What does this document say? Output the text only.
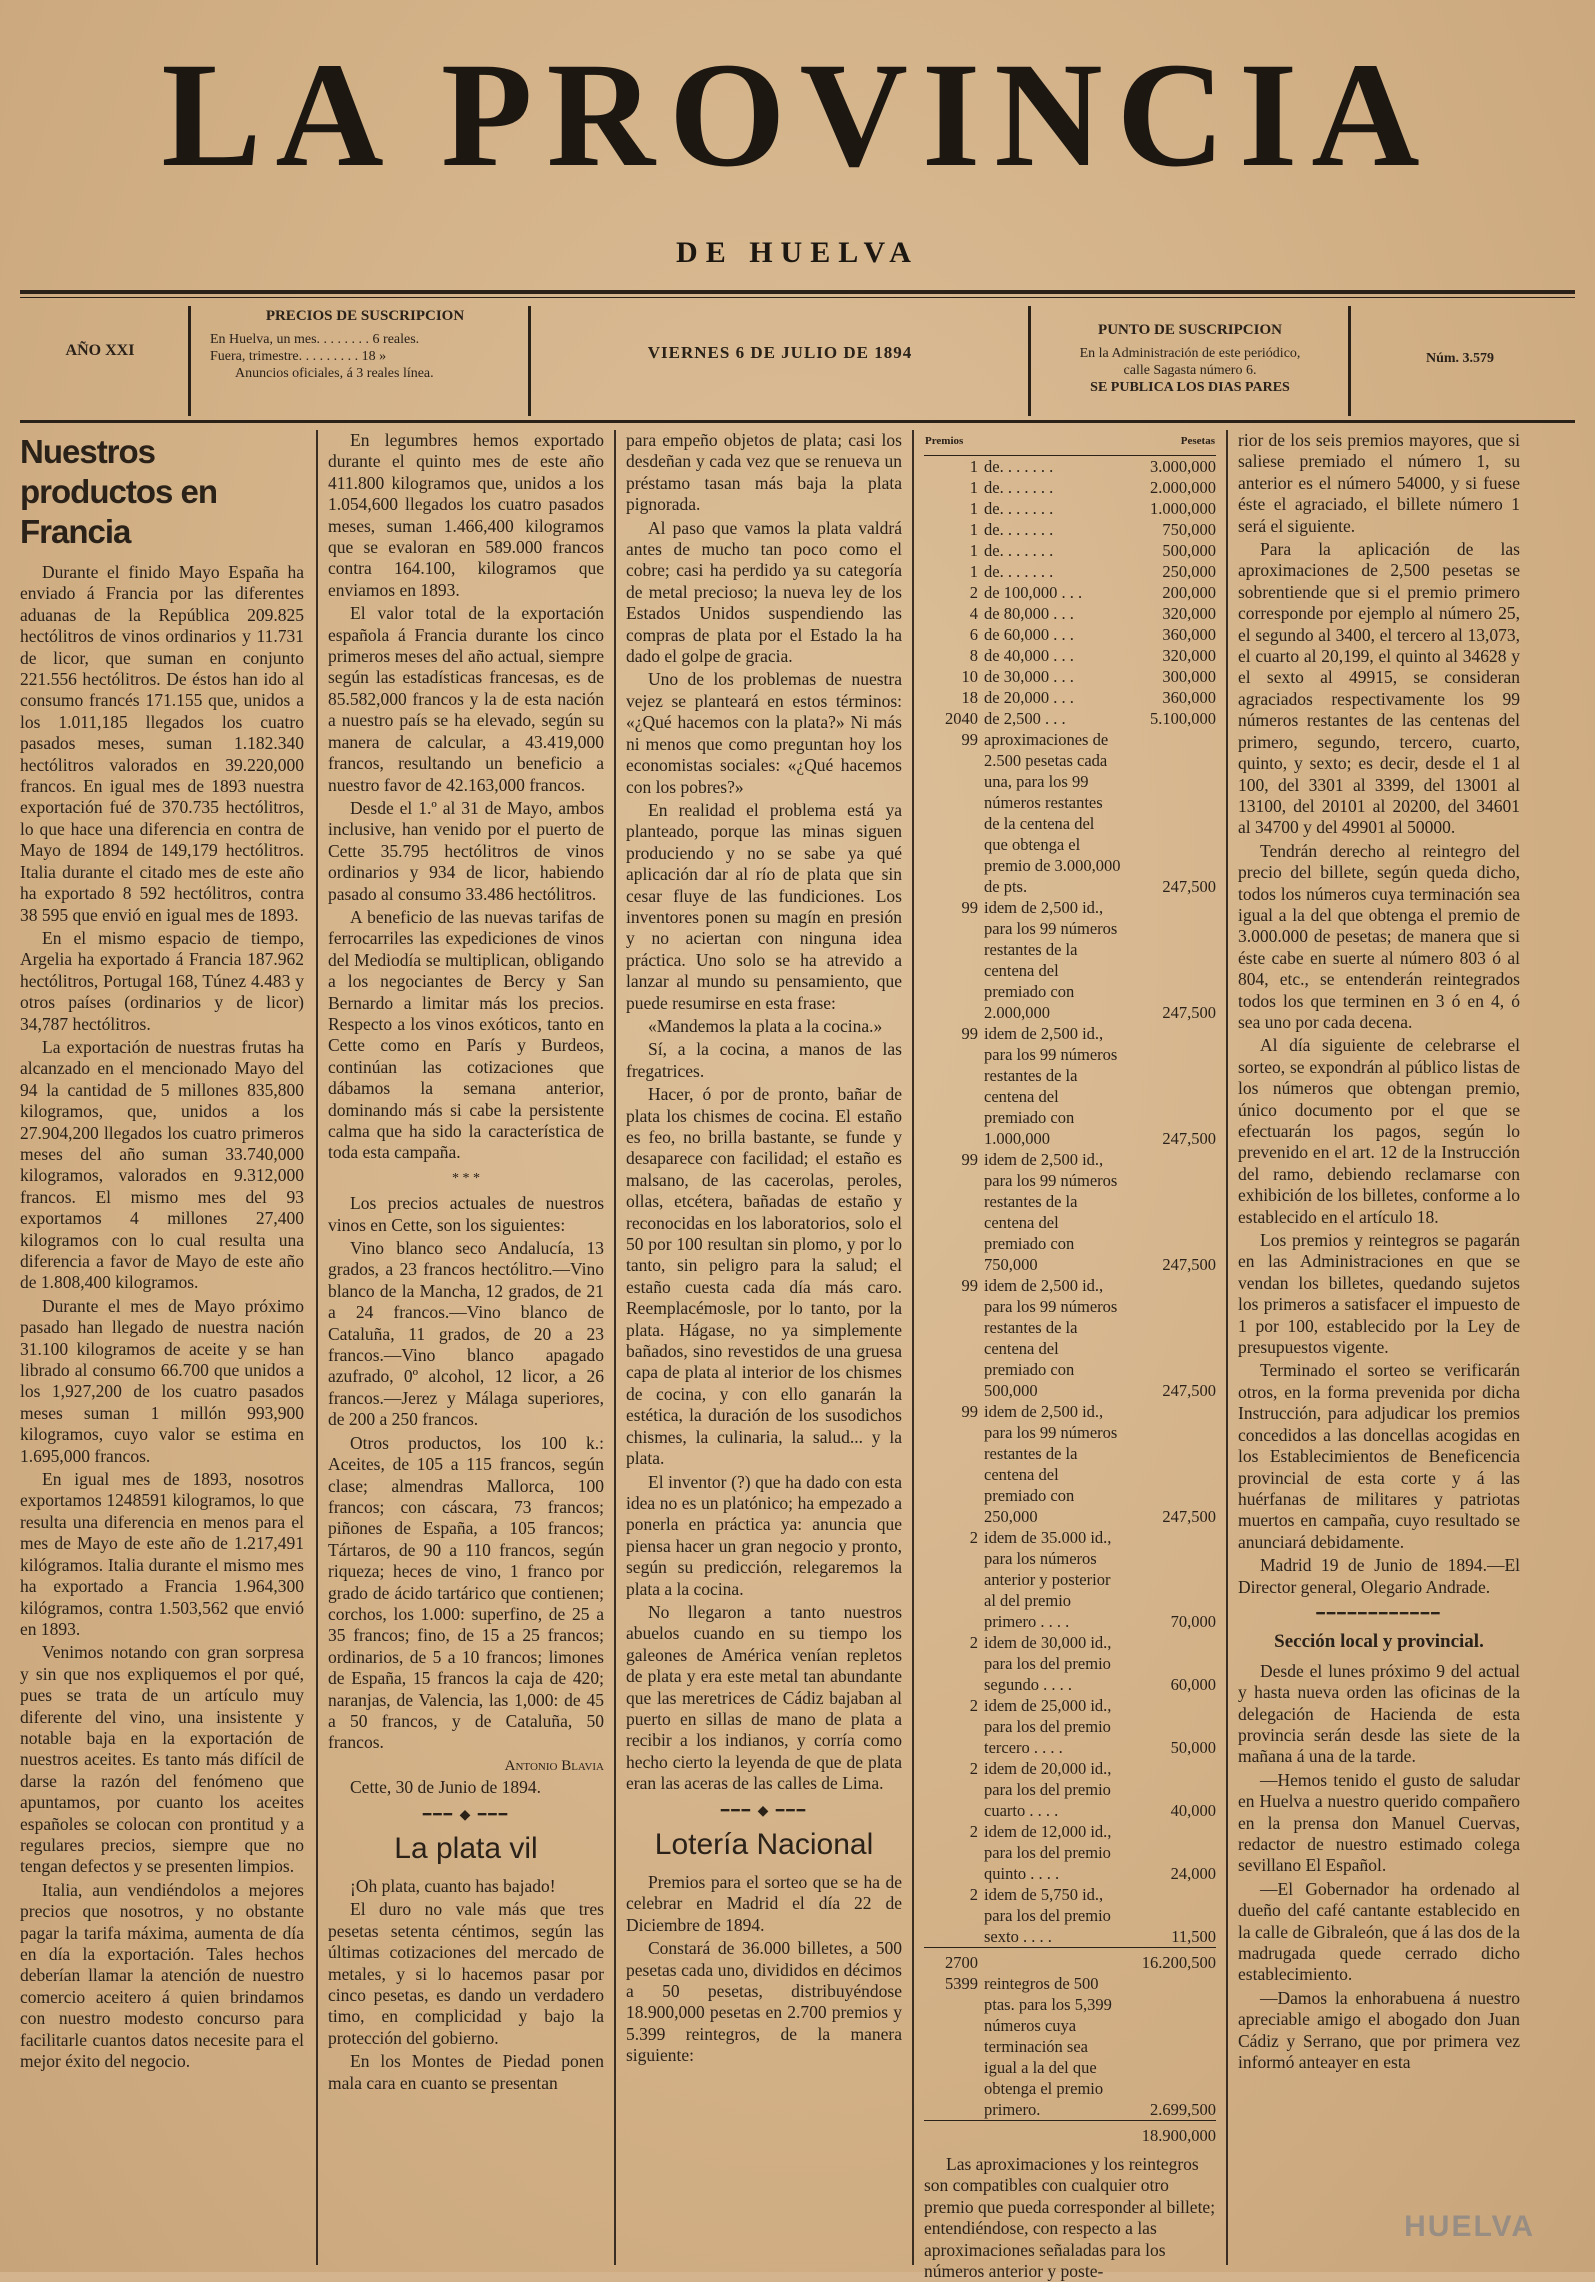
LA PROVINCIA
DE HUELVA
AÑO XXI
PRECIOS DE SUSCRIPCION
En Huelva, un mes. . . . . . . . 6 reales.
Fuera, trimestre. . . . . . . . . 18 »
Anuncios oficiales, á 3 reales línea.
VIERNES 6 DE JULIO DE 1894
PUNTO DE SUSCRIPCION
En la Administración de este periódico,
calle Sagasta número 6.
SE PUBLICA LOS DIAS PARES
Núm. 3.579
Nuestros productos en Francia

Durante el finido Mayo España ha enviado á Francia por las diferentes aduanas de la República 209.825 hectólitros de vinos ordinarios y 11.731 de licor, que suman en conjunto 221.556 hectólitros. De éstos han ido al consumo francés 171.155 que, unidos a los 1.011,185 llegados los cuatro pasados meses, suman 1.182.340 hectólitros valorados en 39.220,000 francos. En igual mes de 1893 nuestra exportación fué de 370.735 hectólitros, lo que hace una diferencia en contra de Mayo de 1894 de 149,179 hectólitros. Italia durante el citado mes de este año ha exportado 8 592 hectólitros, contra 38 595 que envió en igual mes de 1893.

En el mismo espacio de tiempo, Argelia ha exportado á Francia 187.962 hectólitros, Portugal 168, Túnez 4.483 y otros países (ordinarios y de licor) 34,787 hectólitros.

La exportación de nuestras frutas ha alcanzado en el mencionado Mayo del 94 la cantidad de 5 millones 835,800 kilogramos, que, unidos a los 27.904,200 llegados los cuatro primeros meses del año suman 33.740,000 kilogramos, valorados en 9.312,000 francos. El mismo mes del 93 exportamos 4 millones 27,400 kilogramos con lo cual resulta una diferencia a favor de Mayo de este año de 1.808,400 kilogramos.

Durante el mes de Mayo próximo pasado han llegado de nuestra nación 31.100 kilogramos de aceite y se han librado al consumo 66.700 que unidos a los 1,927,200 de los cuatro pasados meses suman 1 millón 993,900 kilogramos, cuyo valor se estima en 1.695,000 francos.

En igual mes de 1893, nosotros exportamos 1248591 kilogramos, lo que resulta una diferencia en menos para el mes de Mayo de este año de 1.217,491 kilógramos. Italia durante el mismo mes ha exportado a Francia 1.964,300 kilógramos, contra 1.503,562 que envió en 1893.

Venimos notando con gran sorpresa y sin que nos expliquemos el por qué, pues se trata de un artículo muy diferente del vino, una insistente y notable baja en la exportación de nuestros aceites. Es tanto más difícil de darse la razón del fenómeno que apuntamos, por cuanto los aceites españoles se colocan con prontitud y a regulares precios, siempre que no tengan defectos y se presenten limpios.

Italia, aun vendiéndolos a mejores precios que nosotros, y no obstante pagar la tarifa máxima, aumenta de día en día la exportación. Tales hechos deberían llamar la atención de nuestro comercio aceitero á quien brindamos con nuestro modesto concurso para facilitarle cuantos datos necesite para el mejor éxito del negocio.

En legumbres hemos exportado durante el quinto mes de este año 411.800 kilogramos que, unidos a los 1.054,600 llegados los cuatro pasados meses, suman 1.466,400 kilogramos que se evaloran en 589.000 francos contra 164.100, kilogramos que enviamos en 1893.

El valor total de la exportación española á Francia durante los cinco primeros meses del año actual, siempre según las estadísticas francesas, es de 85.582,000 francos y la de esta nación a nuestro país se ha elevado, según su manera de calcular, a 43.419,000 francos, resultando un beneficio a nuestro favor de 42.163,000 francos.

Desde el 1.º al 31 de Mayo, ambos inclusive, han venido por el puerto de Cette 35.795 hectólitros de vinos ordinarios y 934 de licor, habiendo pasado al consumo 33.486 hectólitros.

A beneficio de las nuevas tarifas de ferrocarriles las expediciones de vinos del Mediodía se multiplican, obligando a los negociantes de Bercy y San Bernardo a limitar más los precios. Respecto a los vinos exóticos, tanto en Cette como en París y Burdeos, continúan las cotizaciones que dábamos la semana anterior, dominando más si cabe la persistente calma que ha sido la característica de toda esta campaña.

* * *

Los precios actuales de nuestros vinos en Cette, son los siguientes:

Vino blanco seco Andalucía, 13 grados, a 23 francos hectólitro.—Vino blanco de la Mancha, 12 grados, de 21 a 24 francos.—Vino blanco de Cataluña, 11 grados, de 20 a 23 francos.—Vino blanco apagado azufrado, 0º alcohol, 12 licor, a 26 francos.—Jerez y Málaga superiores, de 200 a 250 francos.

Otros productos, los 100 k.: Aceites, de 105 a 115 francos, según clase; almendras Mallorca, 100 francos; con cáscara, 73 francos; piñones de España, a 105 francos; Tártaros, de 90 a 110 francos, según riqueza; heces de vino, 1 franco por grado de ácido tartárico que contienen; corchos, los 1.000: superfino, de 25 a 35 francos; fino, de 15 a 25 francos; ordinarios, de 5 a 10 francos; limones de España, 15 francos la caja de 420; naranjas, de Valencia, las 1,000: de 45 a 50 francos, y de Cataluña, 50 francos.

Antonio Blavia

Cette, 30 de Junio de 1894.

━━━ ◆ ━━━
La plata vil

¡Oh plata, cuanto has bajado!

El duro no vale más que tres pesetas setenta céntimos, según las últimas cotizaciones del mercado de metales, y si lo hacemos pasar por cinco pesetas, es dando un verdadero timo, en complicidad y bajo la protección del gobierno.

En los Montes de Piedad ponen mala cara en cuanto se presentan

para empeño objetos de plata; casi los desdeñan y cada vez que se renueva un préstamo tasan más baja la plata pignorada.

Al paso que vamos la plata valdrá antes de mucho tan poco como el cobre; casi ha perdido ya su categoría de metal precioso; la nueva ley de los Estados Unidos suspendiendo las compras de plata por el Estado la ha dado el golpe de gracia.

Uno de los problemas de nuestra vejez se planteará en estos términos: «¿Qué hacemos con la plata?» Ni más ni menos que como preguntan hoy los economistas sociales: «¿Qué hacemos con los pobres?»

En realidad el problema está ya planteado, porque las minas siguen produciendo y no se sabe ya qué aplicación dar al río de plata que sin cesar fluye de las fundiciones. Los inventores ponen su magín en presión y no aciertan con ninguna idea práctica. Uno solo se ha atrevido a lanzar al mundo su pensamiento, que puede resumirse en esta frase:

«Mandemos la plata a la cocina.»

Sí, a la cocina, a manos de las fregatrices.

Hacer, ó por de pronto, bañar de plata los chismes de cocina. El estaño es feo, no brilla bastante, se funde y desaparece con facilidad; el estaño es malsano, de las cacerolas, peroles, ollas, etcétera, bañadas de estaño y reconocidas en los laboratorios, solo el 50 por 100 resultan sin plomo, y por lo tanto, sin peligro para la salud; el estaño cuesta cada día más caro. Reemplacémosle, por lo tanto, por la plata. Hágase, no ya simplemente bañados, sino revestidos de una gruesa capa de plata al interior de los chismes de cocina, y con ello ganarán la estética, la duración de los susodichos chismes, la culinaria, la salud... y la plata.

El inventor (?) que ha dado con esta idea no es un platónico; ha empezado a ponerla en práctica ya: anuncia que piensa hacer un gran negocio y pronto, según su predicción, relegaremos la plata a la cocina.

No llegaron a tanto nuestros abuelos cuando en su tiempo los galeones de América venían repletos de plata y era este metal tan abundante que las meretrices de Cádiz bajaban al puerto en sillas de mano de plata a recibir a los indianos, y corría como hecho cierto la leyenda de que de plata eran las aceras de las calles de Lima.

━━━ ◆ ━━━
Lotería Nacional

Premios para el sorteo que se ha de celebrar en Madrid el día 22 de Diciembre de 1894.

Constará de 36.000 billetes, a 500 pesetas cada uno, divididos en décimos a 50 pesetas, distribuyéndose 18.900,000 pesetas en 2.700 premios y 5.399 reintegros, de la manera siguiente:

Premios		Pesetas
1	de. . . . . . .	3.000,000
1	de. . . . . . .	2.000,000
1	de. . . . . . .	1.000,000
1	de. . . . . . .	750,000
1	de. . . . . . .	500,000
1	de. . . . . . .	250,000
2	de 100,000 . . .	200,000
4	de 80,000 . . .	320,000
6	de 60,000 . . .	360,000
8	de 40,000 . . .	320,000
10	de 30,000 . . .	300,000
18	de 20,000 . . .	360,000
2040	de 2,500 . . .	5.100,000
99	aproximaciones de 2.500 pesetas cada una, para los 99 números restantes de la centena del que obtenga el premio de 3.000,000 de pts.	247,500
99	idem de 2,500 id., para los 99 números restantes de la centena del premiado con 2.000,000	247,500
99	idem de 2,500 id., para los 99 números restantes de la centena del premiado con 1.000,000	247,500
99	idem de 2,500 id., para los 99 números restantes de la centena del premiado con 750,000	247,500
99	idem de 2,500 id., para los 99 números restantes de la centena del premiado con 500,000	247,500
99	idem de 2,500 id., para los 99 números restantes de la centena del premiado con 250,000	247,500
2	idem de 35.000 id., para los números anterior y posterior al del premio primero . . . .	70,000
2	idem de 30,000 id., para los del premio segundo . . . .	60,000
2	idem de 25,000 id., para los del premio tercero . . . .	50,000
2	idem de 20,000 id., para los del premio cuarto . . . .	40,000
2	idem de 12,000 id., para los del premio quinto . . . .	24,000
2	idem de 5,750 id., para los del premio sexto . . . .	11,500
2700		16.200,500
5399	reintegros de 500 ptas. para los 5,399 números cuya terminación sea igual a la del que obtenga el premio primero.	2.699,500
		18.900,000

Las aproximaciones y los reintegros son compatibles con cualquier otro premio que pueda corresponder al billete; entendiéndose, con respecto a las aproximaciones señaladas para los números anterior y poste-

rior de los seis premios mayores, que si saliese premiado el número 1, su anterior es el número 54000, y si fuese éste el agraciado, el billete número 1 será el siguiente.

Para la aplicación de las aproximaciones de 2,500 pesetas se sobrentiende que si el premio primero corresponde por ejemplo al número 25, el segundo al 3400, el tercero al 13,073, el cuarto al 20,199, el quinto al 34628 y el sexto al 49915, se consideran agraciados respectivamente los 99 números restantes de las centenas del primero, segundo, tercero, cuarto, quinto, y sexto; es decir, desde el 1 al 100, del 3301 al 3399, del 13001 al 13100, del 20101 al 20200, del 34601 al 34700 y del 49901 al 50000.

Tendrán derecho al reintegro del precio del billete, según queda dicho, todos los números cuya terminación sea igual a la del que obtenga el premio de 3.000.000 de pesetas; de manera que si éste cabe en suerte al número 803 ó al 804, etc., se entenderán reintegrados todos los que terminen en 3 ó en 4, ó sea uno por cada decena.

Al día siguiente de celebrarse el sorteo, se expondrán al público listas de los números que obtengan premio, único documento por el que se efectuarán los pagos, según lo prevenido en el art. 12 de la Instrucción del ramo, debiendo reclamarse con exhibición de los billetes, conforme a lo establecido en el artículo 18.

Los premios y reintegros se pagarán en las Administraciones en que se vendan los billetes, quedando sujetos los primeros a satisfacer el impuesto de 1 por 100, establecido por la Ley de presupuestos vigente.

Terminado el sorteo se verificarán otros, en la forma prevenida por dicha Instrucción, para adjudicar los premios concedidos a las doncellas acogidas en los Establecimientos de Beneficencia provincial de esta corte y á las huérfanas de militares y patriotas muertos en campaña, cuyo resultado se anunciará debidamente.

Madrid 19 de Junio de 1894.—El Director general, Olegario Andrade.

━━━━━━━━━━━━
Sección local y provincial.

Desde el lunes próximo 9 del actual y hasta nueva orden las oficinas de la delegación de Hacienda de esta provincia serán desde las siete de la mañana á una de la tarde.

—Hemos tenido el gusto de saludar en Huelva a nuestro querido compañero en la prensa don Manuel Cuervas, redactor de nuestro estimado colega sevillano El Español.

—El Gobernador ha ordenado al dueño del café cantante establecido en la calle de Gibraleón, que á las dos de la madrugada quede cerrado dicho establecimiento.

—Damos la enhorabuena á nuestro apreciable amigo el abogado don Juan Cádiz y Serrano, que por primera vez informó anteayer en esta

HUELVA
